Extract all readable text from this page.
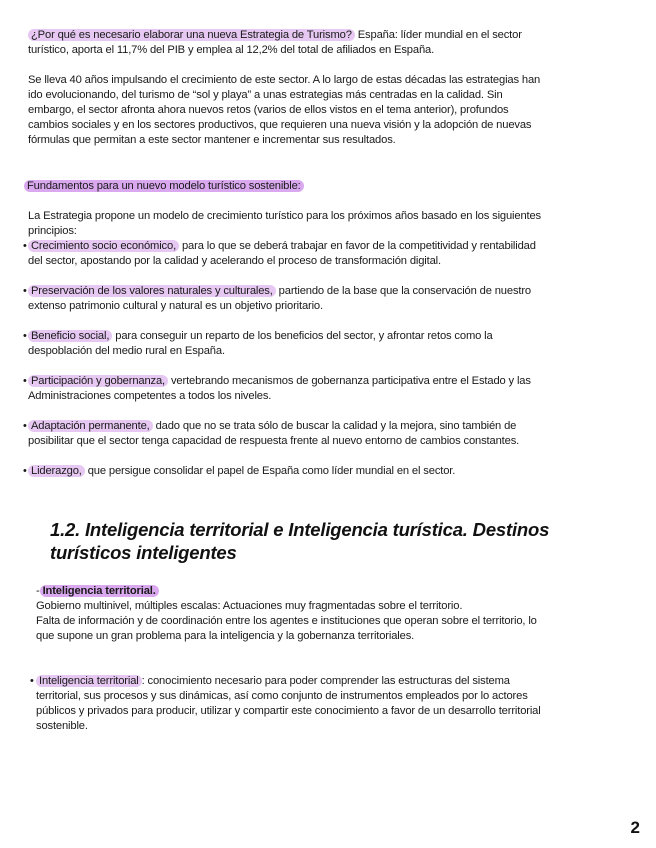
¿Por qué es necesario elaborar una nueva Estrategia de Turismo? España: líder mundial en el sector
turístico, aporta el 11,7% del PIB y emplea al 12,2% del total de afiliados en España.
Se lleva 40 años impulsando el crecimiento de este sector. A lo largo de estas décadas las estrategias han
ido evolucionando, del turismo de “sol y playa” a unas estrategias más centradas en la calidad. Sin
embargo, el sector afronta ahora nuevos retos (varios de ellos vistos en el tema anterior), profundos
cambios sociales y en los sectores productivos, que requieren una nueva visión y la adopción de nuevas
fórmulas que permitan a este sector mantener e incrementar sus resultados.
Fundamentos para un nuevo modelo turístico sostenible:
La Estrategia propone un modelo de crecimiento turístico para los próximos años basado en los siguientes
principios:
• Crecimiento socio económico, para lo que se deberá trabajar en favor de la competitividad y rentabilidad
del sector, apostando por la calidad y acelerando el proceso de transformación digital.
• Preservación de los valores naturales y culturales, partiendo de la base que la conservación de nuestro
extenso patrimonio cultural y natural es un objetivo prioritario.
• Beneficio social, para conseguir un reparto de los beneficios del sector, y afrontar retos como la
despoblación del medio rural en España.
• Participación y gobernanza, vertebrando mecanismos de gobernanza participativa entre el Estado y las
Administraciones competentes a todos los niveles.
• Adaptación permanente, dado que no se trata sólo de buscar la calidad y la mejora, sino también de
posibilitar que el sector tenga capacidad de respuesta frente al nuevo entorno de cambios constantes.
• Liderazgo, que persigue consolidar el papel de España como líder mundial en el sector.
1.2. Inteligencia territorial e Inteligencia turística. Destinos
turísticos inteligentes
- Inteligencia territorial.
Gobierno multinivel, múltiples escalas: Actuaciones muy fragmentadas sobre el territorio.
Falta de información y de coordinación entre los agentes e instituciones que operan sobre el territorio, lo
que supone un gran problema para la inteligencia y la gobernanza territoriales.
• Inteligencia territorial : conocimiento necesario para poder comprender las estructuras del sistema
territorial, sus procesos y sus dinámicas, así como conjunto de instrumentos empleados por lo actores
públicos y privados para producir, utilizar y compartir este conocimiento a favor de un desarrollo territorial
sostenible.
2
